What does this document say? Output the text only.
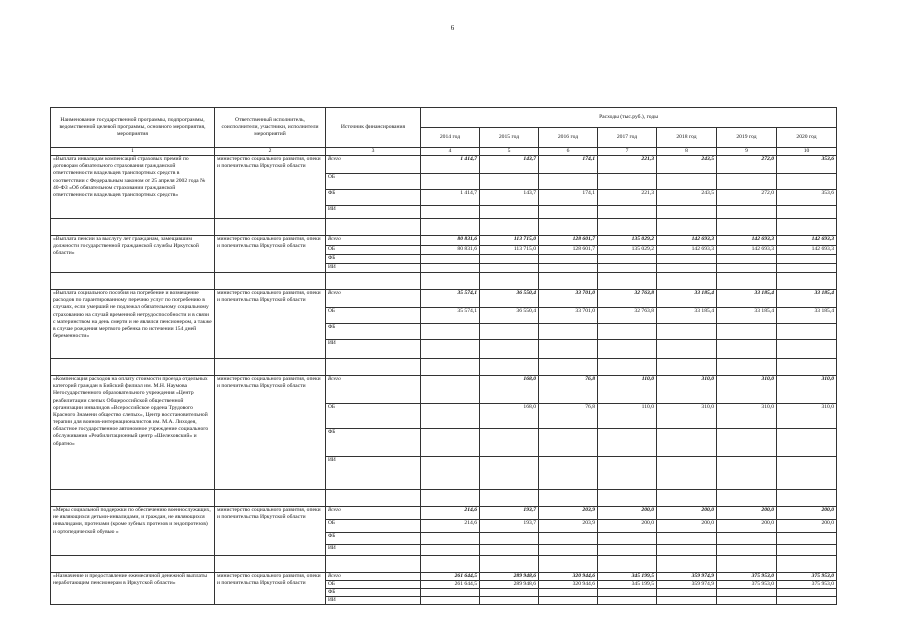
6
Наименование государственной программы, подпрограммы, ведомственной целевой программы, основного мероприятия, мероприятия	Ответственный исполнитель, соисполнители, участники, исполнители мероприятий	Источник финансирования	Расходы (тыс.руб.), годы						
			2014 год	2015 год	2016 год	2017 год	2018 год	2019 год	2020 год
1	2	3	4	5	6	7	8	9	10
«Выплата инвалидам компенсаций страховых премий по договорам обязательного страхования гражданской ответственности владельцев транспортных средств в соответствии с Федеральным законом от 25 апреля 2002 года № 40-ФЗ «Об обязательном страховании гражданской ответственности владельцев транспортных средств»	министерство социального развития, опеки и попечительства Иркутской области	Всего	1 414,7	143,7	174,1	221,3	243,5	272,0	353,6
		ОБ							
		ФБ	1 414,7	143,7	174,1	221,3	243,5	272,0	353,6
		ИИ							

«Выплата пенсии за выслугу лет гражданам, замещавшим должности государственной гражданской службы Иркутской области»	министерство социального развития, опеки и попечительства Иркутской области	Всего	80 831,6	113 715,0	128 601,7	135 029,2	142 693,3	142 693,3	142 693,3
		ОБ	80 831,6	113 715,0	128 601,7	135 029,2	142 693,3	142 693,3	142 693,3
		ФБ							
		ИИ							

«Выплата социального пособия на погребение и возмещение расходов по гарантированному перечню услуг по погребению в случаях, если умерший не подлежал обязательному социальному страхованию на случай временной нетрудоспособности и в связи с материнством на день смерти и не являлся пенсионером, а также в случае рождения мертвого ребенка по истечении 154 дней беременности»	министерство социального развития, опеки и попечительства Иркутской области	Всего	35 574,1	36 550,4	33 701,0	32 763,8	33 185,4	33 185,4	33 185,4
		ОБ	35 574,1	36 550,4	33 701,0	32 763,8	33 185,4	33 185,4	33 185,4
		ФБ							
		ИИ							

«Компенсация расходов на оплату стоимости проезда отдельных категорий граждан в Бийский филиал им. М.Н. Наумова Негосударственного образовательного учреждения «Центр реабилитации слепых Общероссийской общественной организации инвалидов «Всероссийское ордена Трудового Красного Знамени общество слепых», Центр восстановительной терапии для воинов-интернационалистов им. М.А. Лиходея, областное государственное автономное учреждение социального обслуживания «Реабилитационный центр «Шелеховский» и обратно»	министерство социального развития, опеки и попечительства Иркутской области	Всего		168,0	76,8	110,0	310,0	310,0	310,0
		ОБ		168,0	76,8	110,0	310,0	310,0	310,0
		ФБ							
		ИИ							

«Меры социальной поддержки по обеспечению военнослужащих, не являющихся детьми-инвалидами, и граждан, не являющихся инвалидами, протезами (кроме зубных протезов и эндопротезов) и ортопедической обувью »	министерство социального развития, опеки и попечительства Иркутской области	Всего	214,6	193,7	203,9	200,0	200,0	200,0	200,0
		ОБ	214,6	193,7	203,9	200,0	200,0	200,0	200,0
		ФБ							
		ИИ							

«Назначение и предоставление ежемесячной денежной выплаты неработающим пенсионерам в Иркутской области»	министерство социального развития, опеки и попечительства Иркутской области	Всего	261 644,5	289 948,6	320 944,6	345 199,5	359 974,9	375 953,0	375 953,0
		ОБ	261 644,5	289 948,6	320 944,6	345 199,5	359 974,9	375 953,0	375 953,0
		ФБ							
		ИИ							
